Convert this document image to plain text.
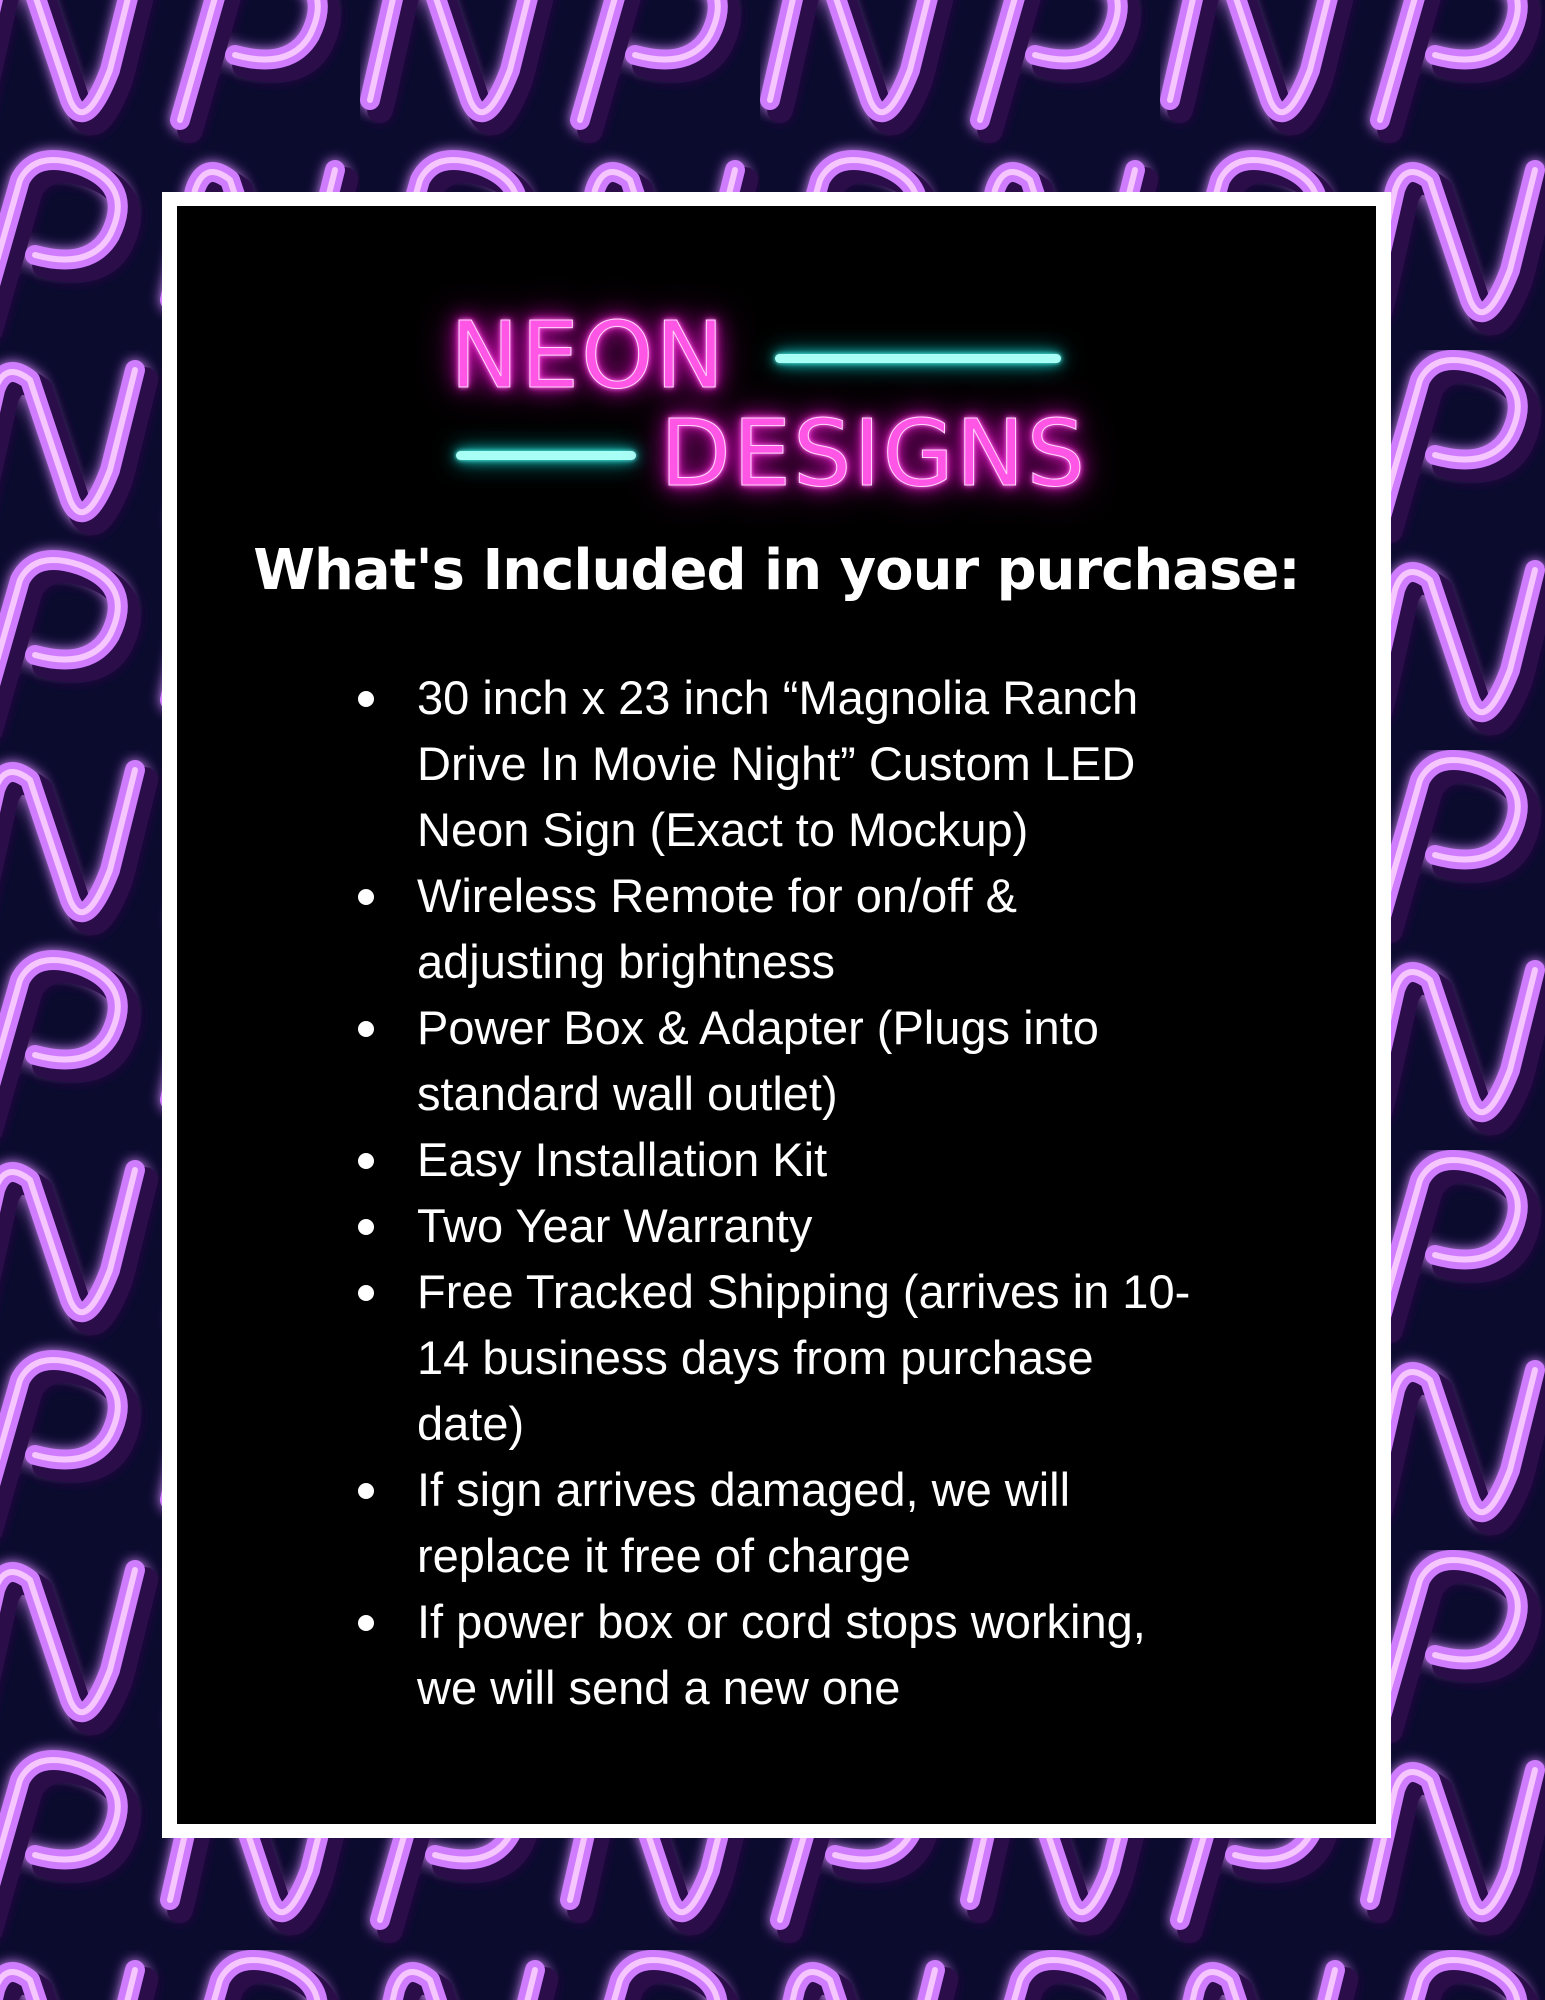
NEON
DESIGNS
What's Included in your purchase:
30 inch x 23 inch “Magnolia Ranch Drive In Movie Night” Custom LED Neon Sign (Exact to Mockup)
Wireless Remote for on/off & adjusting brightness
Power Box & Adapter (Plugs into standard wall outlet)
Easy Installation Kit
Two Year Warranty
Free Tracked Shipping (arrives in 10-14 business days from purchase date)
If sign arrives damaged, we will replace it free of charge
If power box or cord stops working, we will send a new one
